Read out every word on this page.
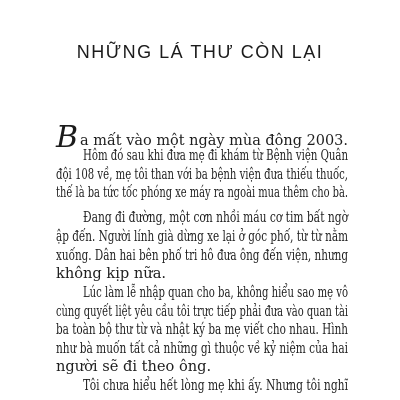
NHỮNG LÁ THƯ CÒN LẠI
B a mất vào một ngày mùa đông 2003.
Hôm đó sau khi đưa mẹ đi khám từ Bệnh viện Quân
đội 108 về, mẹ tôi than với ba bệnh viện đưa thiếu thuốc,
thế là ba tức tốc phóng xe máy ra ngoài mua thêm cho bà.
Đang đi đường, một cơn nhồi máu cơ tim bất ngờ
ập đến. Người lính già dừng xe lại ở góc phố, từ từ nằm
xuống. Dân hai bên phố tri hô đưa ông đến viện, nhưng
không kịp nữa.
Lúc làm lễ nhập quan cho ba, không hiểu sao mẹ vô
cùng quyết liệt yêu cầu tôi trực tiếp phải đưa vào quan tài
ba toàn bộ thư từ và nhật ký ba mẹ viết cho nhau. Hình
như bà muốn tất cả những gì thuộc về kỷ niệm của hai
người sẽ đi theo ông.
Tôi chưa hiểu hết lòng mẹ khi ấy. Nhưng tôi nghĩ
